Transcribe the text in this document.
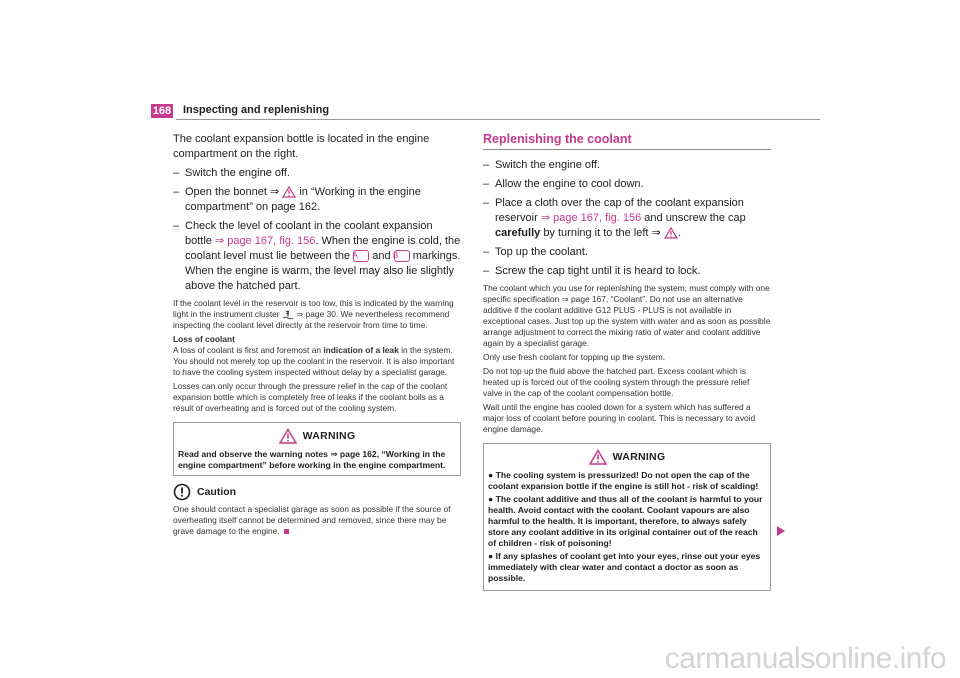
168 Inspecting and replenishing

The coolant expansion bottle is located in the engine compartment on the right.

– Switch the engine off.

– Open the bonnet ⇒ in “Working in the engine compartment” on page 162.

– Check the level of coolant in the coolant expansion bottle ⇒ page 167, fig. 156. When the engine is cold, the coolant level must lie between the A and B markings. When the engine is warm, the level may also lie slightly above the hatched part.

If the coolant level in the reservoir is too low, this is indicated by the warning light in the instrument cluster ⇒ page 30. We nevertheless recommend inspecting the coolant level directly at the reservoir from time to time.

Loss of coolant

A loss of coolant is first and foremost an indication of a leak in the system. You should not merely top up the coolant in the reservoir. It is also important to have the cooling system inspected without delay by a specialist garage.

Losses can only occur through the pressure relief in the cap of the coolant expansion bottle which is completely free of leaks if the coolant boils as a result of overheating and is forced out of the cooling system.

WARNING
Read and observe the warning notes ⇒ page 162, “Working in the engine compartment” before working in the engine compartment.
Caution

One should contact a specialist garage as soon as possible if the source of overheating itself cannot be determined and removed, since there may be grave damage to the engine.

Replenishing the coolant

– Switch the engine off.

– Allow the engine to cool down.

– Place a cloth over the cap of the coolant expansion reservoir ⇒ page 167, fig. 156 and unscrew the cap carefully by turning it to the left ⇒ .

– Top up the coolant.

– Screw the cap tight until it is heard to lock.

The coolant which you use for replenishing the system, must comply with one specific specification ⇒ page 167, “Coolant”. Do not use an alternative additive if the coolant additive G12 PLUS - PLUS is not available in exceptional cases. Just top up the system with water and as soon as possible arrange adjustment to correct the mixing ratio of water and coolant additive again by a specialist garage.

Only use fresh coolant for topping up the system.

Do not top up the fluid above the hatched part. Excess coolant which is heated up is forced out of the cooling system through the pressure relief valve in the cap of the coolant compensation bottle.

Wait until the engine has cooled down for a system which has suffered a major loss of coolant before pouring in coolant. This is necessary to avoid engine damage.

WARNING

● The cooling system is pressurized! Do not open the cap of the coolant expansion bottle if the engine is still hot - risk of scalding!

● The coolant additive and thus all of the coolant is harmful to your health. Avoid contact with the coolant. Coolant vapours are also harmful to the health. It is important, therefore, to always safely store any coolant additive in its original container out of the reach of children - risk of poisoning!

● If any splashes of coolant get into your eyes, rinse out your eyes immediately with clear water and contact a doctor as soon as possible.

carmanualsonline.info
